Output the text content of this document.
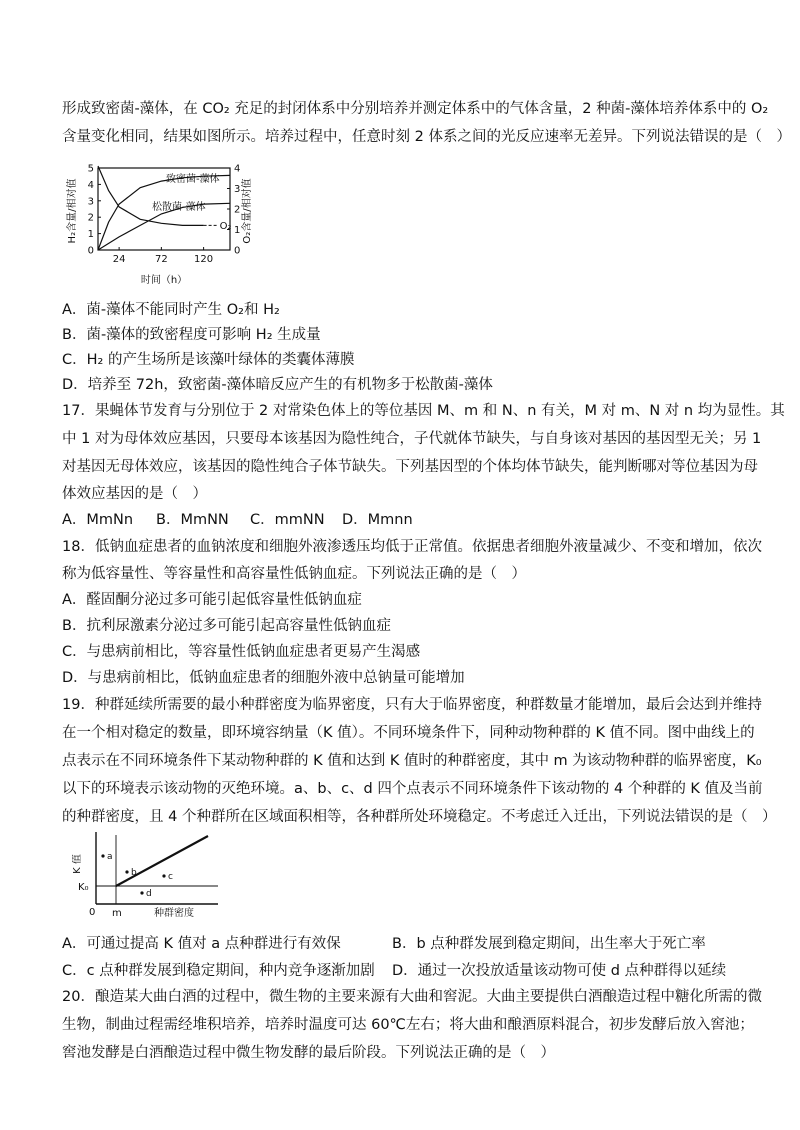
形成致密菌-藻体，在 CO₂ 充足的封闭体系中分别培养并测定体系中的气体含量，2 种菌-藻体培养体系中的 O₂
含量变化相同，结果如图所示。培养过程中，任意时刻 2 体系之间的光反应速率无差异。下列说法错误的是（　）
H₂含量/相对值	O₂含量/相对值
时间（h）
0
1
2
3
4
5
0
1
2
3
4
24	72	120
致密菌-藻体
松散菌-藻体
O₂
A．菌-藻体不能同时产生 O₂和 H₂
B．菌-藻体的致密程度可影响 H₂ 生成量
C．H₂ 的产生场所是该藻叶绿体的类囊体薄膜
D．培养至 72h，致密菌-藻体暗反应产生的有机物多于松散菌-藻体
17．果蝇体节发育与分别位于 2 对常染色体上的等位基因 M、m 和 N、n 有关，M 对 m、N 对 n 均为显性。其
中 1 对为母体效应基因，只要母本该基因为隐性纯合，子代就体节缺失，与自身该对基因的基因型无关；另 1
对基因无母体效应，该基因的隐性纯合子体节缺失。下列基因型的个体均体节缺失，能判断哪对等位基因为母
体效应基因的是（　）
A．MmNn B．MmNN C．mmNN D．Mmnn
18．低钠血症患者的血钠浓度和细胞外液渗透压均低于正常值。依据患者细胞外液量减少、不变和增加，依次
称为低容量性、等容量性和高容量性低钠血症。下列说法正确的是（　）
A．醛固酮分泌过多可能引起低容量性低钠血症
B．抗利尿激素分泌过多可能引起高容量性低钠血症
C．与患病前相比，等容量性低钠血症患者更易产生渴感
D．与患病前相比，低钠血症患者的细胞外液中总钠量可能增加
19．种群延续所需要的最小种群密度为临界密度，只有大于临界密度，种群数量才能增加，最后会达到并维持
在一个相对稳定的数量，即环境容纳量（K 值）。不同环境条件下，同种动物种群的 K 值不同。图中曲线上的
点表示在不同环境条件下某动物种群的 K 值和达到 K 值时的种群密度，其中 m 为该动物种群的临界密度，K₀
以下的环境表示该动物的灭绝环境。a、b、c、d 四个点表示不同环境条件下该动物的 4 个种群的 K 值及当前
的种群密度，且 4 个种群所在区域面积相等，各种群所处环境稳定。不考虑迁入迁出，下列说法错误的是（　）
K 值
K₀
0 m	种群密度
a
b	c
d
A．可通过提高 K 值对 a 点种群进行有效保	B．b 点种群发展到稳定期间，出生率大于死亡率
C．c 点种群发展到稳定期间，种内竞争逐渐加剧 D．通过一次投放适量该动物可使 d 点种群得以延续
20．酿造某大曲白酒的过程中，微生物的主要来源有大曲和窖泥。大曲主要提供白酒酿造过程中糖化所需的微
生物，制曲过程需经堆积培养，培养时温度可达 60℃左右；将大曲和酿酒原料混合，初步发酵后放入窖池；
窖池发酵是白酒酿造过程中微生物发酵的最后阶段。下列说法正确的是（　）
